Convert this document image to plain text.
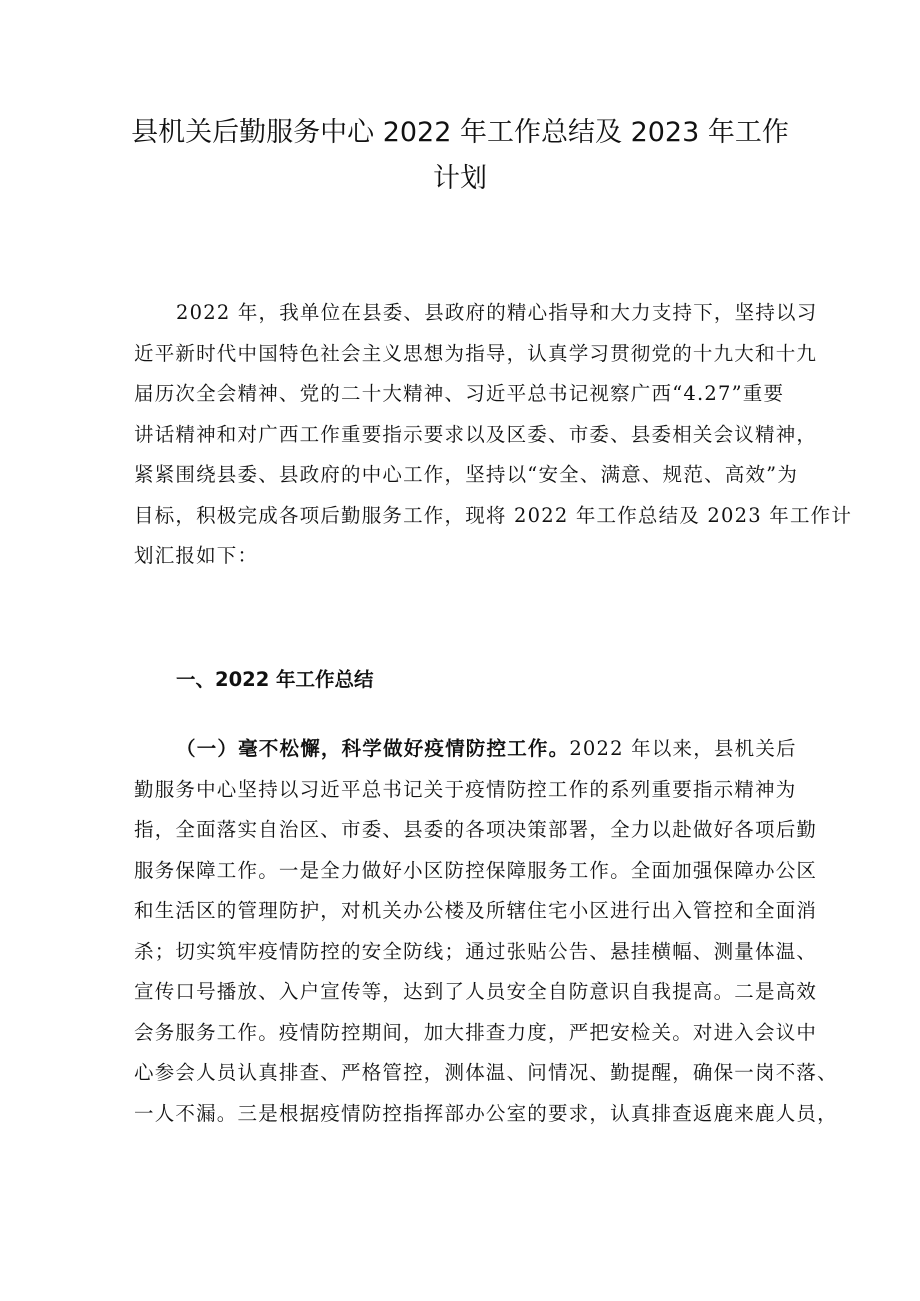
县机关后勤服务中心 2022 年工作总结及 2023 年工作
计划

2022 年，我单位在县委、县政府的精心指导和大力支持下，坚持以习
近平新时代中国特色社会主义思想为指导，认真学习贯彻党的十九大和十九
届历次全会精神、党的二十大精神、习近平总书记视察广西“4.27”重要
讲话精神和对广西工作重要指示要求以及区委、市委、县委相关会议精神，
紧紧围绕县委、县政府的中心工作，坚持以“安全、满意、规范、高效”为
目标，积极完成各项后勤服务工作，现将 2022 年工作总结及 2023 年工作计
划汇报如下：

一、2022 年工作总结

（一）毫不松懈，科学做好疫情防控工作。2022 年以来，县机关后
勤服务中心坚持以习近平总书记关于疫情防控工作的系列重要指示精神为
指，全面落实自治区、市委、县委的各项决策部署，全力以赴做好各项后勤
服务保障工作。一是全力做好小区防控保障服务工作。全面加强保障办公区
和生活区的管理防护，对机关办公楼及所辖住宅小区进行出入管控和全面消
杀；切实筑牢疫情防控的安全防线；通过张贴公告、悬挂横幅、测量体温、
宣传口号播放、入户宣传等，达到了人员安全自防意识自我提高。二是高效
会务服务工作。疫情防控期间，加大排查力度，严把安检关。对进入会议中
心参会人员认真排查、严格管控，测体温、问情况、勤提醒，确保一岗不落、
一人不漏。三是根据疫情防控指挥部办公室的要求，认真排查返鹿来鹿人员，
